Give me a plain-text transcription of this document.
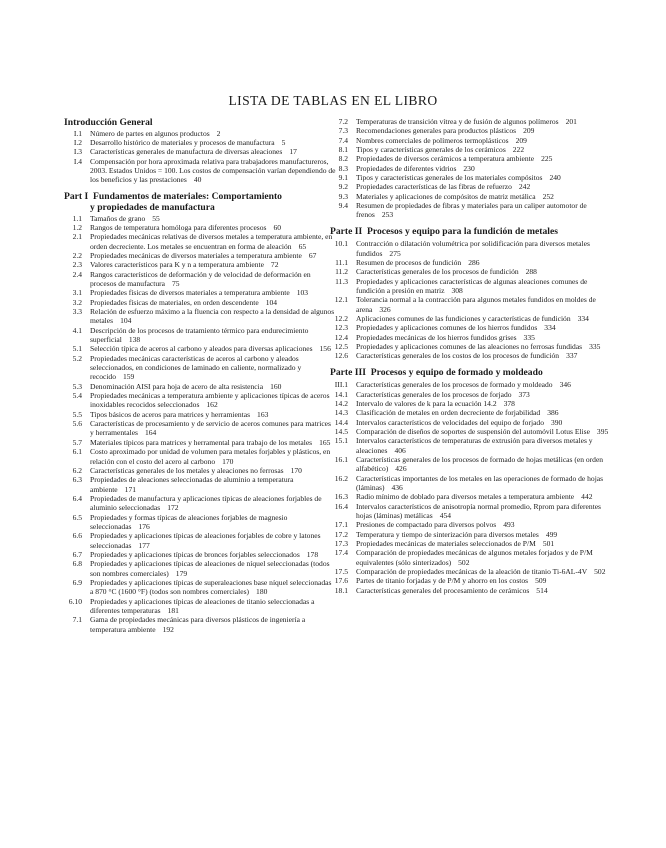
LISTA DE TABLAS EN EL LIBRO
Introducción General
I.1	Número de partes en algunos productos 2
I.2	Desarrollo histórico de materiales y procesos de manufactura 5
I.3	Características generales de manufactura de diversas aleaciones 17
I.4	Compensación por hora aproximada relativa para trabajadores manufactureros, 2003. Estados Unidos = 100. Los costos de compensación varían dependiendo de los beneficios y las prestaciones 40
Part I Fundamentos de materiales: Comportamiento
y propiedades de manufactura
1.1	Tamaños de grano 55
1.2	Rangos de temperatura homóloga para diferentes procesos 60
2.1	Propiedades mecánicas relativas de diversos metales a temperatura ambiente, en orden decreciente. Los metales se encuentran en forma de aleación 65
2.2	Propiedades mecánicas de diversos materiales a temperatura ambiente 67
2.3	Valores característicos para K y n a temperatura ambiente 72
2.4	Rangos característicos de deformación y de velocidad de deformación en procesos de manufactura 75
3.1	Propiedades físicas de diversos materiales a temperatura ambiente 103
3.2	Propiedades físicas de materiales, en orden descendente 104
3.3	Relación de esfuerzo máximo a la fluencia con respecto a la densidad de algunos metales 104
4.1	Descripción de los procesos de tratamiento térmico para endurecimiento superficial 138
5.1	Selección típica de aceros al carbono y aleados para diversas aplicaciones 156
5.2	Propiedades mecánicas características de aceros al carbono y aleados seleccionados, en condiciones de laminado en caliente, normalizado y recocido 159
5.3	Denominación AISI para hoja de acero de alta resistencia 160
5.4	Propiedades mecánicas a temperatura ambiente y aplicaciones típicas de aceros inoxidables recocidos seleccionados 162
5.5	Tipos básicos de aceros para matrices y herramientas 163
5.6	Características de procesamiento y de servicio de aceros comunes para matrices y herramentales 164
5.7	Materiales típicos para matrices y herramental para trabajo de los metales 165
6.1	Costo aproximado por unidad de volumen para metales forjables y plásticos, en relación con el costo del acero al carbono 170
6.2	Características generales de los metales y aleaciones no ferrosas 170
6.3	Propiedades de aleaciones seleccionadas de aluminio a temperatura ambiente 171
6.4	Propiedades de manufactura y aplicaciones típicas de aleaciones forjables de aluminio seleccionadas 172
6.5	Propiedades y formas típicas de aleaciones forjables de magnesio seleccionadas 176
6.6	Propiedades y aplicaciones típicas de aleaciones forjables de cobre y latones seleccionadas 177
6.7	Propiedades y aplicaciones típicas de bronces forjables seleccionados 178
6.8	Propiedades y aplicaciones típicas de aleaciones de níquel seleccionadas (todos son nombres comerciales) 179
6.9	Propiedades y aplicaciones típicas de superaleaciones base níquel seleccionadas a 870 °C (1600 °F) (todos son nombres comerciales) 180
6.10	Propiedades y aplicaciones típicas de aleaciones de titanio seleccionadas a diferentes temperaturas 181
7.1	Gama de propiedades mecánicas para diversos plásticos de ingeniería a temperatura ambiente 192
7.2	Temperaturas de transición vítrea y de fusión de algunos polímeros 201
7.3	Recomendaciones generales para productos plásticos 209
7.4	Nombres comerciales de polímeros termoplásticos 209
8.1	Tipos y características generales de los cerámicos 222
8.2	Propiedades de diversos cerámicos a temperatura ambiente 225
8.3	Propiedades de diferentes vidrios 230
9.1	Tipos y características generales de los materiales compósitos 240
9.2	Propiedades características de las fibras de refuerzo 242
9.3	Materiales y aplicaciones de compósitos de matriz metálica 252
9.4	Resumen de propiedades de fibras y materiales para un caliper automotor de frenos 253
Parte II Procesos y equipo para la fundición de metales
10.1	Contracción o dilatación volumétrica por solidificación para diversos metales fundidos 275
11.1	Resumen de procesos de fundición 286
11.2	Características generales de los procesos de fundición 288
11.3	Propiedades y aplicaciones características de algunas aleaciones comunes de fundición a presión en matriz 308
12.1	Tolerancia normal a la contracción para algunos metales fundidos en moldes de arena 326
12.2	Aplicaciones comunes de las fundiciones y características de fundición 334
12.3	Propiedades y aplicaciones comunes de los hierros fundidos 334
12.4	Propiedades mecánicas de los hierros fundidos grises 335
12.5	Propiedades y aplicaciones comunes de las aleaciones no ferrosas fundidas 335
12.6	Características generales de los costos de los procesos de fundición 337
Parte III Procesos y equipo de formado y moldeado
III.1	Características generales de los procesos de formado y moldeado 346
14.1	Características generales de los procesos de forjado 373
14.2	Intervalo de valores de k para la ecuación 14.2 378
14.3	Clasificación de metales en orden decreciente de forjabilidad 386
14.4	Intervalos característicos de velocidades del equipo de forjado 390
14.5	Comparación de diseños de soportes de suspensión del automóvil Lotus Elise 395
15.1	Intervalos característicos de temperaturas de extrusión para diversos metales y aleaciones 406
16.1	Características generales de los procesos de formado de hojas metálicas (en orden alfabético) 426
16.2	Características importantes de los metales en las operaciones de formado de hojas (láminas) 436
16.3	Radio mínimo de doblado para diversos metales a temperatura ambiente 442
16.4	Intervalos característicos de anisotropía normal promedio, Rprom para diferentes hojas (láminas) metálicas 454
17.1	Presiones de compactado para diversos polvos 493
17.2	Temperatura y tiempo de sinterización para diversos metales 499
17.3	Propiedades mecánicas de materiales seleccionados de P/M 501
17.4	Comparación de propiedades mecánicas de algunos metales forjados y de P/M equivalentes (sólo sinterizados) 502
17.5	Comparación de propiedades mecánicas de la aleación de titanio Ti-6AL-4V 502
17.6	Partes de titanio forjadas y de P/M y ahorro en los costos 509
18.1	Características generales del procesamiento de cerámicos 514
